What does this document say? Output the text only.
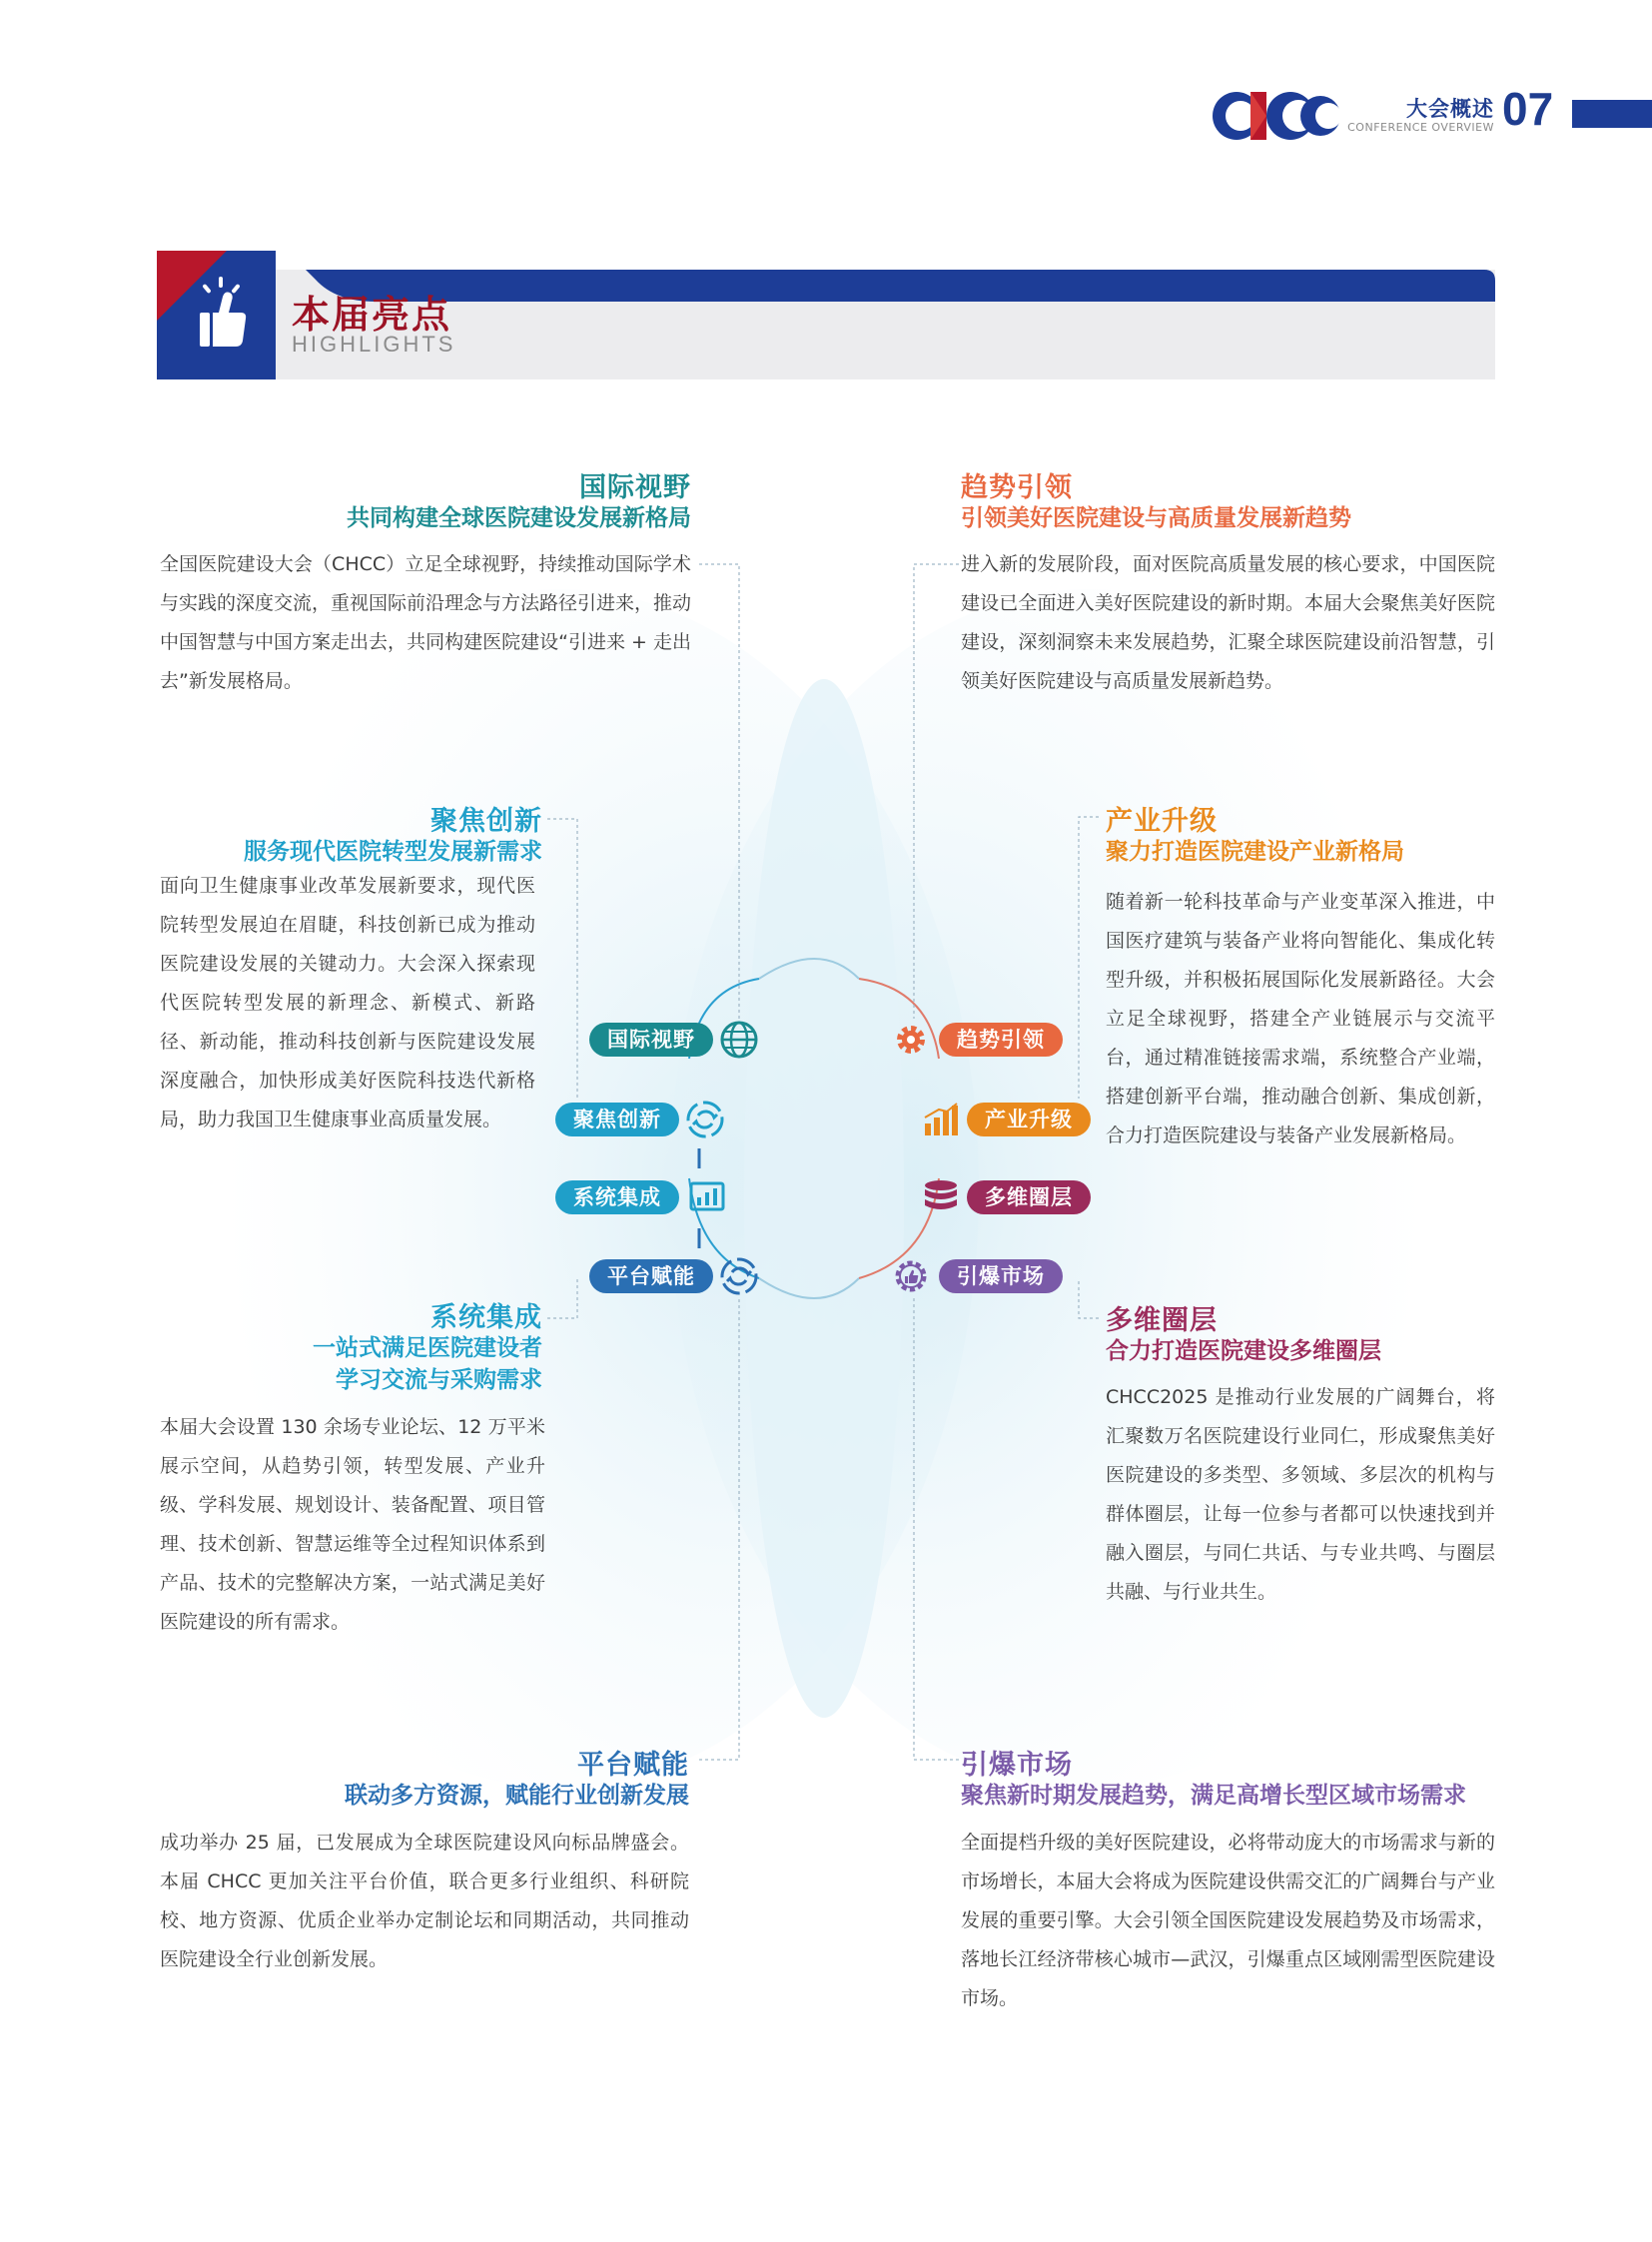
大会概述
CONFERENCE OVERVIEW 07
本届亮点
HIGHLIGHTS
国际视野
共同构建全球医院建设发展新格局
全国医院建设大会（CHCC）立足全球视野，持续推动国际学术与实践的深度交流，重视国际前沿理念与方法路径引进来，推动中国智慧与中国方案走出去，共同构建医院建设“引进来 + 走出去”新发展格局。
聚焦创新
服务现代医院转型发展新需求
面向卫生健康事业改革发展新要求，现代医院转型发展迫在眉睫，科技创新已成为推动医院建设发展的关键动力。大会深入探索现代医院转型发展的新理念、新模式、新路径、新动能，推动科技创新与医院建设发展深度融合，加快形成美好医院科技迭代新格局，助力我国卫生健康事业高质量发展。
系统集成
一站式满足医院建设者
学习交流与采购需求
本届大会设置 130 余场专业论坛、12 万平米展示空间，从趋势引领，转型发展、产业升级、学科发展、规划设计、装备配置、项目管理、技术创新、智慧运维等全过程知识体系到产品、技术的完整解决方案，一站式满足美好医院建设的所有需求。
平台赋能
联动多方资源，赋能行业创新发展
成功举办 25 届，已发展成为全球医院建设风向标品牌盛会。本届 CHCC 更加关注平台价值，联合更多行业组织、科研院校、地方资源、优质企业举办定制论坛和同期活动，共同推动医院建设全行业创新发展。
趋势引领
引领美好医院建设与高质量发展新趋势
进入新的发展阶段，面对医院高质量发展的核心要求，中国医院建设已全面进入美好医院建设的新时期。本届大会聚焦美好医院建设，深刻洞察未来发展趋势，汇聚全球医院建设前沿智慧，引领美好医院建设与高质量发展新趋势。
产业升级
聚力打造医院建设产业新格局
随着新一轮科技革命与产业变革深入推进，中国医疗建筑与装备产业将向智能化、集成化转型升级，并积极拓展国际化发展新路径。大会立足全球视野，搭建全产业链展示与交流平台，通过精准链接需求端，系统整合产业端，搭建创新平台端，推动融合创新、集成创新，合力打造医院建设与装备产业发展新格局。
多维圈层
合力打造医院建设多维圈层
CHCC2025 是推动行业发展的广阔舞台，将汇聚数万名医院建设行业同仁，形成聚焦美好医院建设的多类型、多领域、多层次的机构与群体圈层，让每一位参与者都可以快速找到并融入圈层，与同仁共话、与专业共鸣、与圈层共融、与行业共生。
引爆市场
聚焦新时期发展趋势，满足高增长型区域市场需求
全面提档升级的美好医院建设，必将带动庞大的市场需求与新的市场增长，本届大会将成为医院建设供需交汇的广阔舞台与产业发展的重要引擎。大会引领全国医院建设发展趋势及市场需求，落地长江经济带核心城市—武汉，引爆重点区域刚需型医院建设市场。
国际视野
聚焦创新
系统集成
平台赋能
趋势引领
产业升级
多维圈层
引爆市场
